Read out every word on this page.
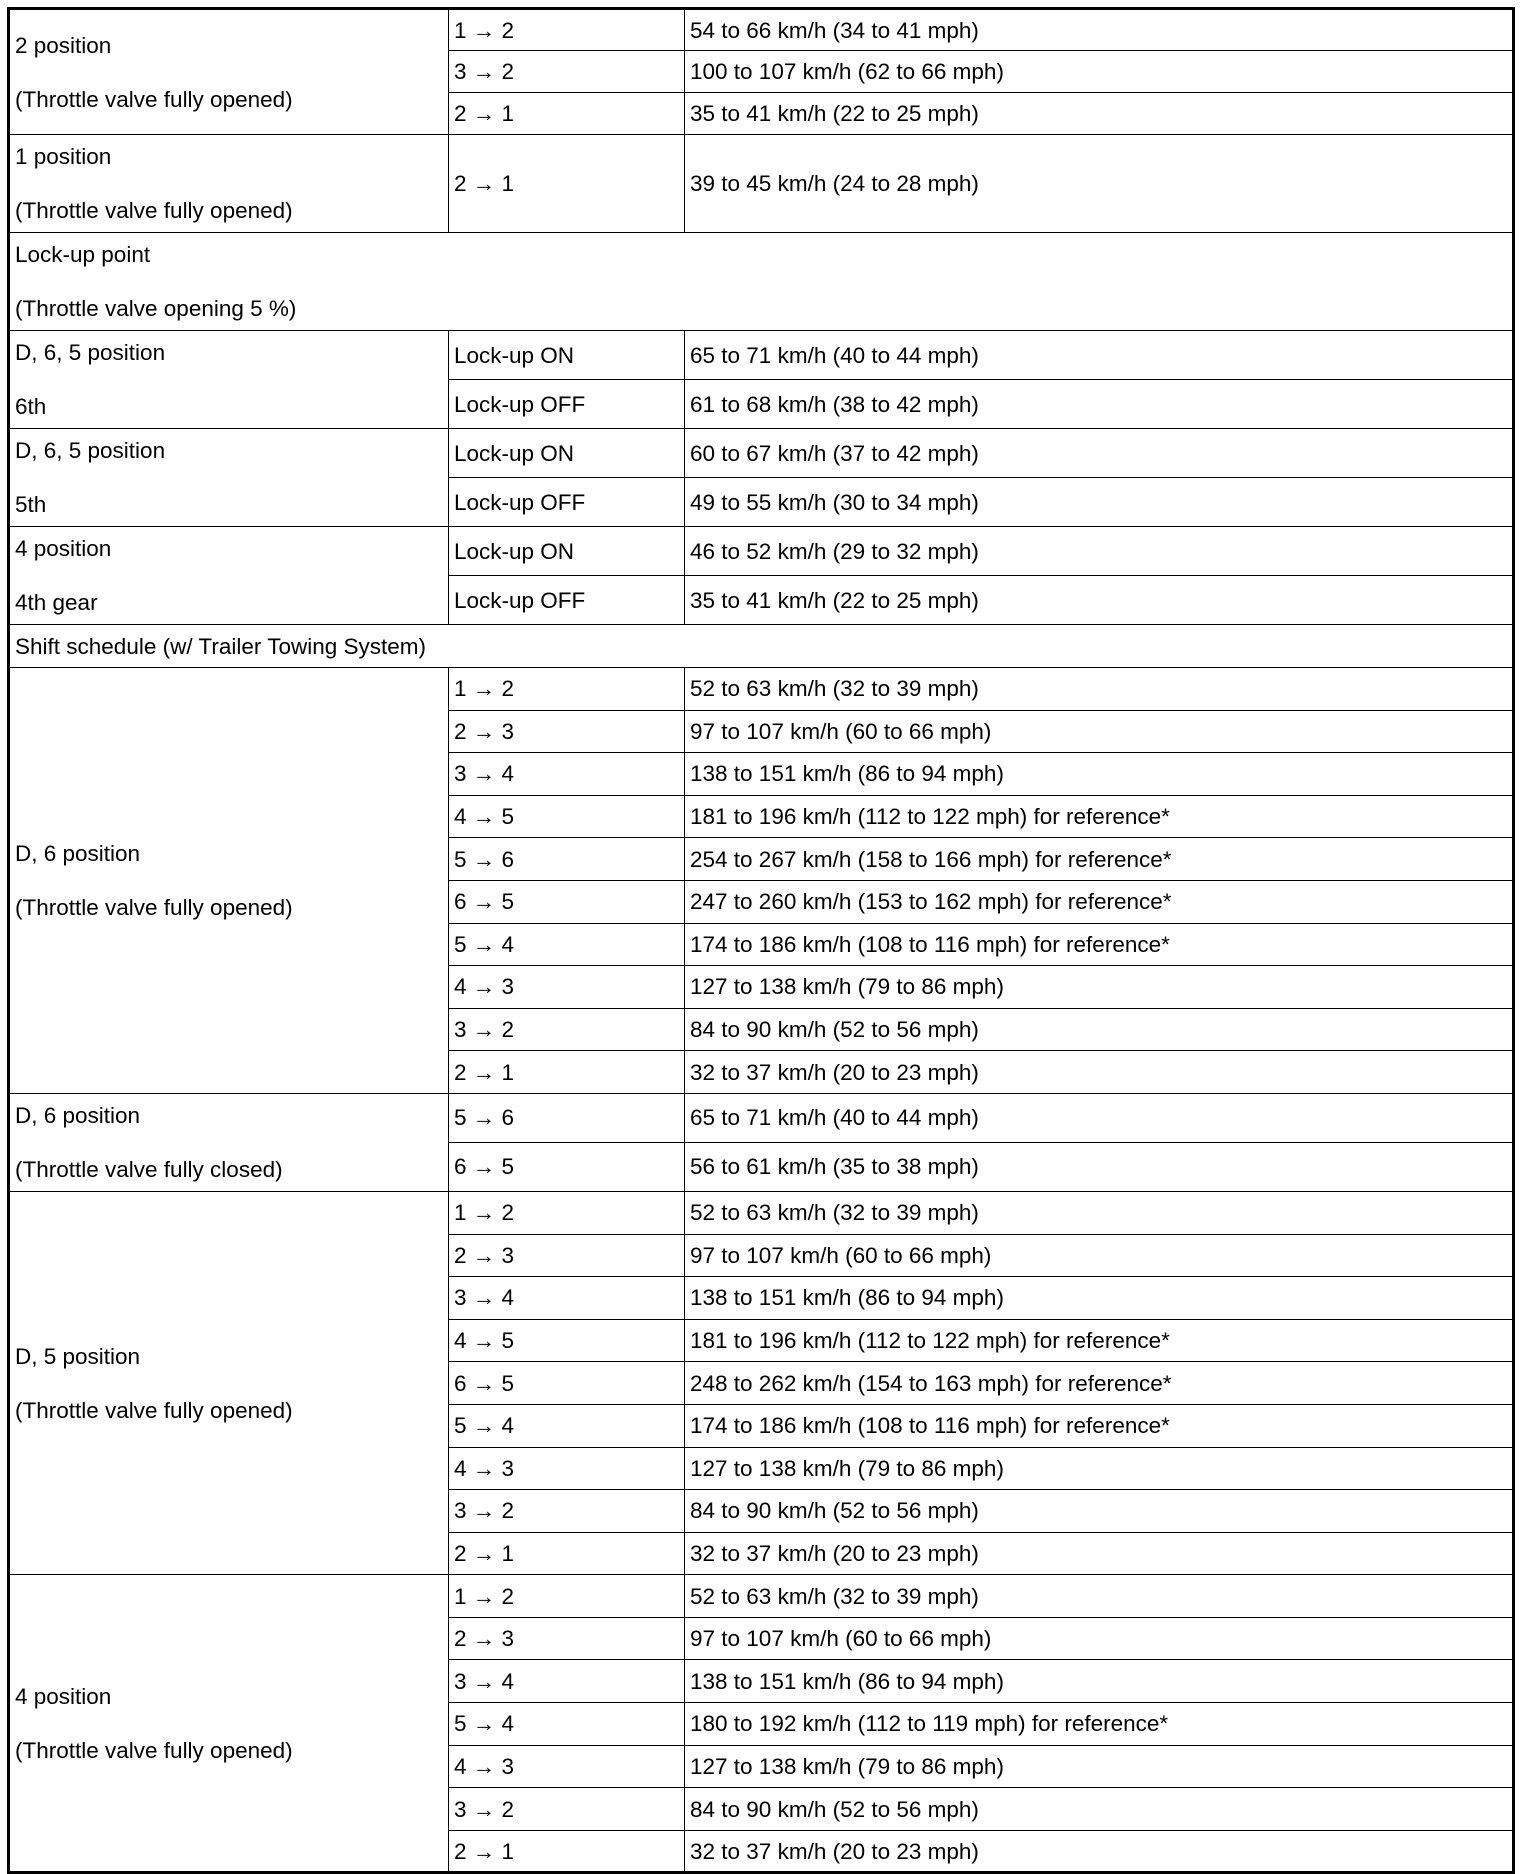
2 position
(Throttle valve fully opened)	1 → 2	54 to 66 km/h (34 to 41 mph)
	3 → 2	100 to 107 km/h (62 to 66 mph)
	2 → 1	35 to 41 km/h (22 to 25 mph)

1 position
(Throttle valve fully opened)	2 → 1	39 to 45 km/h (24 to 28 mph)

Lock-up point
(Throttle valve opening 5 %)		

D, 6, 5 position
6th	Lock-up ON	65 to 71 km/h (40 to 44 mph)
	Lock-up OFF	61 to 68 km/h (38 to 42 mph)

D, 6, 5 position
5th	Lock-up ON	60 to 67 km/h (37 to 42 mph)
	Lock-up OFF	49 to 55 km/h (30 to 34 mph)

4 position
4th gear	Lock-up ON	46 to 52 km/h (29 to 32 mph)
	Lock-up OFF	35 to 41 km/h (22 to 25 mph)
Shift schedule (w/ Trailer Towing System)		

D, 6 position
(Throttle valve fully opened)	1 → 2	52 to 63 km/h (32 to 39 mph)
	2 → 3	97 to 107 km/h (60 to 66 mph)
	3 → 4	138 to 151 km/h (86 to 94 mph)
	4 → 5	181 to 196 km/h (112 to 122 mph) for reference*
	5 → 6	254 to 267 km/h (158 to 166 mph) for reference*
	6 → 5	247 to 260 km/h (153 to 162 mph) for reference*
	5 → 4	174 to 186 km/h (108 to 116 mph) for reference*
	4 → 3	127 to 138 km/h (79 to 86 mph)
	3 → 2	84 to 90 km/h (52 to 56 mph)
	2 → 1	32 to 37 km/h (20 to 23 mph)

D, 6 position
(Throttle valve fully closed)	5 → 6	65 to 71 km/h (40 to 44 mph)
	6 → 5	56 to 61 km/h (35 to 38 mph)

D, 5 position
(Throttle valve fully opened)	1 → 2	52 to 63 km/h (32 to 39 mph)
	2 → 3	97 to 107 km/h (60 to 66 mph)
	3 → 4	138 to 151 km/h (86 to 94 mph)
	4 → 5	181 to 196 km/h (112 to 122 mph) for reference*
	6 → 5	248 to 262 km/h (154 to 163 mph) for reference*
	5 → 4	174 to 186 km/h (108 to 116 mph) for reference*
	4 → 3	127 to 138 km/h (79 to 86 mph)
	3 → 2	84 to 90 km/h (52 to 56 mph)
	2 → 1	32 to 37 km/h (20 to 23 mph)

4 position
(Throttle valve fully opened)	1 → 2	52 to 63 km/h (32 to 39 mph)
	2 → 3	97 to 107 km/h (60 to 66 mph)
	3 → 4	138 to 151 km/h (86 to 94 mph)
	5 → 4	180 to 192 km/h (112 to 119 mph) for reference*
	4 → 3	127 to 138 km/h (79 to 86 mph)
	3 → 2	84 to 90 km/h (52 to 56 mph)
	2 → 1	32 to 37 km/h (20 to 23 mph)
